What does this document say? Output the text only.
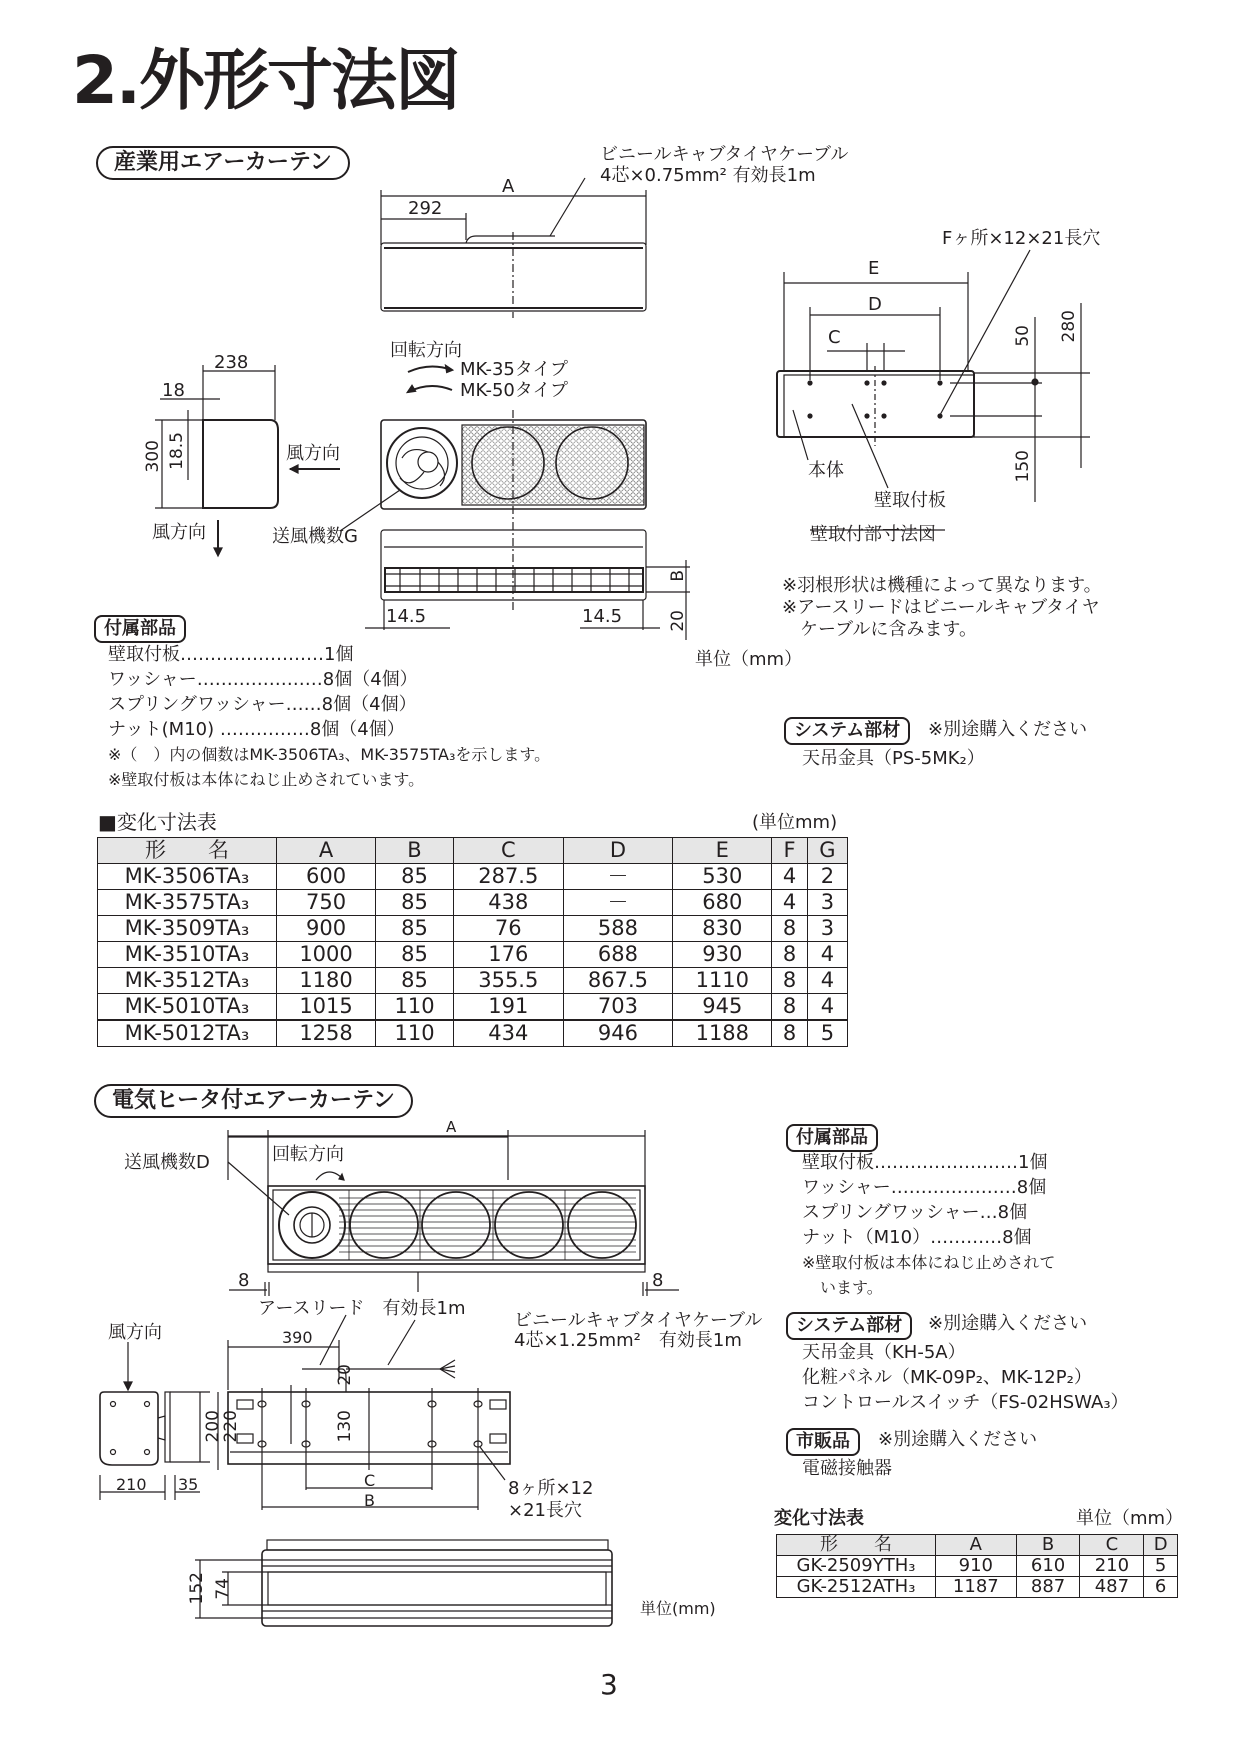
2.外形寸法図
産業用エアーカーテン	ビニールキャブタイヤケーブル
4芯×0.75mm² 有効長1m
A
292
238
18
300 18.5	風方向
風方向
回転方向
MK-35タイプ
MK-50タイプ
送風機数G
14.5	14.5
B
20
Fヶ所×12×21長穴
E
D
C	50 280
150
本体
壁取付板
壁取付部寸法図
※羽根形状は機種によって異なります。
※アースリードはビニールキャブタイヤ
ケーブルに含みます。
単位（mm）
付属部品
壁取付板……………………1個
ワッシャー…………………8個（4個）
スプリングワッシャー……8個（4個）
ナット(M10) ……………8個（4個）
※（　）内の個数はMK-3506TA₃、MK-3575TA₃を示します。
※壁取付板は本体にねじ止めされています。
システム部材	※別途購入ください
天吊金具（PS-5MK₂）
■変化寸法表	(単位mm)
形　　名	A	B	C	D	E	F	G
MK-3506TA₃	600	85	287.5	－	530	4	2
MK-3575TA₃	750	85	438	－	680	4	3
MK-3509TA₃	900	85	76	588	830	8	3
MK-3510TA₃	1000	85	176	688	930	8	4
MK-3512TA₃	1180	85	355.5	867.5	1110	8	4
MK-5010TA₃	1015	110	191	703	945	8	4
MK-5012TA₃	1258	110	434	946	1188	8	5
電気ヒータ付エアーカーテン
A
回転方向
送風機数D
8	8
アースリード　有効長1m
ビニールキャブタイヤケーブル
4芯×1.25mm²　有効長1m
風方向	390
20
130
200
220
210 35	C
B
8ヶ所×12
×21長穴
152 74
単位(mm)
付属部品
壁取付板……………………1個
ワッシャー…………………8個
スプリングワッシャー…8個
ナット（M10）…………8個
※壁取付板は本体にねじ止めされて
います。
システム部材	※別途購入ください
天吊金具（KH-5A）
化粧パネル（MK-09P₂、MK-12P₂）
コントロールスイッチ（FS-02HSWA₃）
市販品	※別途購入ください
電磁接触器
変化寸法表	単位（mm）
形　　名	A	B	C	D
GK-2509YTH₃	910	610	210	5
GK-2512ATH₃	1187	887	487	6
3
